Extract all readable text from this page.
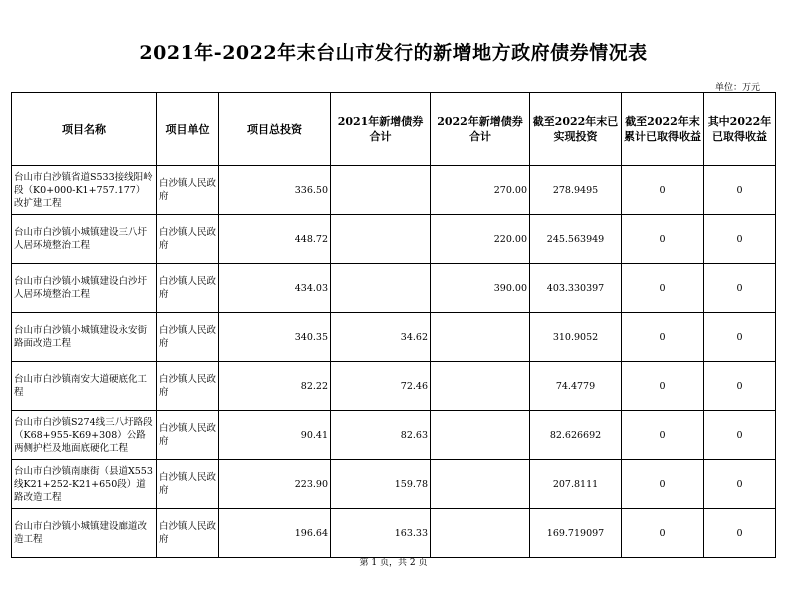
2021年-2022年末台山市发行的新增地方政府债券情况表
单位：万元
项目名称	项目单位	项目总投资	2021年新增债券合计	2022年新增债券合计	截至2022年末已实现投资	截至2022年末累计已取得收益	其中2022年已取得收益
台山市白沙镇省道S533接线阳岭段（K0+000-K1+757.177）改扩建工程	白沙镇人民政府	336.50		270.00	278.9495	0	0
台山市白沙镇小城镇建设三八圩人居环境整治工程	白沙镇人民政府	448.72		220.00	245.563949	0	0
台山市白沙镇小城镇建设白沙圩人居环境整治工程	白沙镇人民政府	434.03		390.00	403.330397	0	0
台山市白沙镇小城镇建设永安街路面改造工程	白沙镇人民政府	340.35	34.62		310.9052	0	0
台山市白沙镇南安大道硬底化工程	白沙镇人民政府	82.22	72.46		74.4779	0	0
台山市白沙镇S274线三八圩路段（K68+955-K69+308）公路两侧护栏及地面底硬化工程	白沙镇人民政府	90.41	82.63		82.626692	0	0
台山市白沙镇南康街（县道X553线K21+252-K21+650段）道路改造工程	白沙镇人民政府	223.90	159.78		207.8111	0	0
台山市白沙镇小城镇建设廊道改造工程	白沙镇人民政府	196.64	163.33		169.719097	0	0
第 1 页，共 2 页
